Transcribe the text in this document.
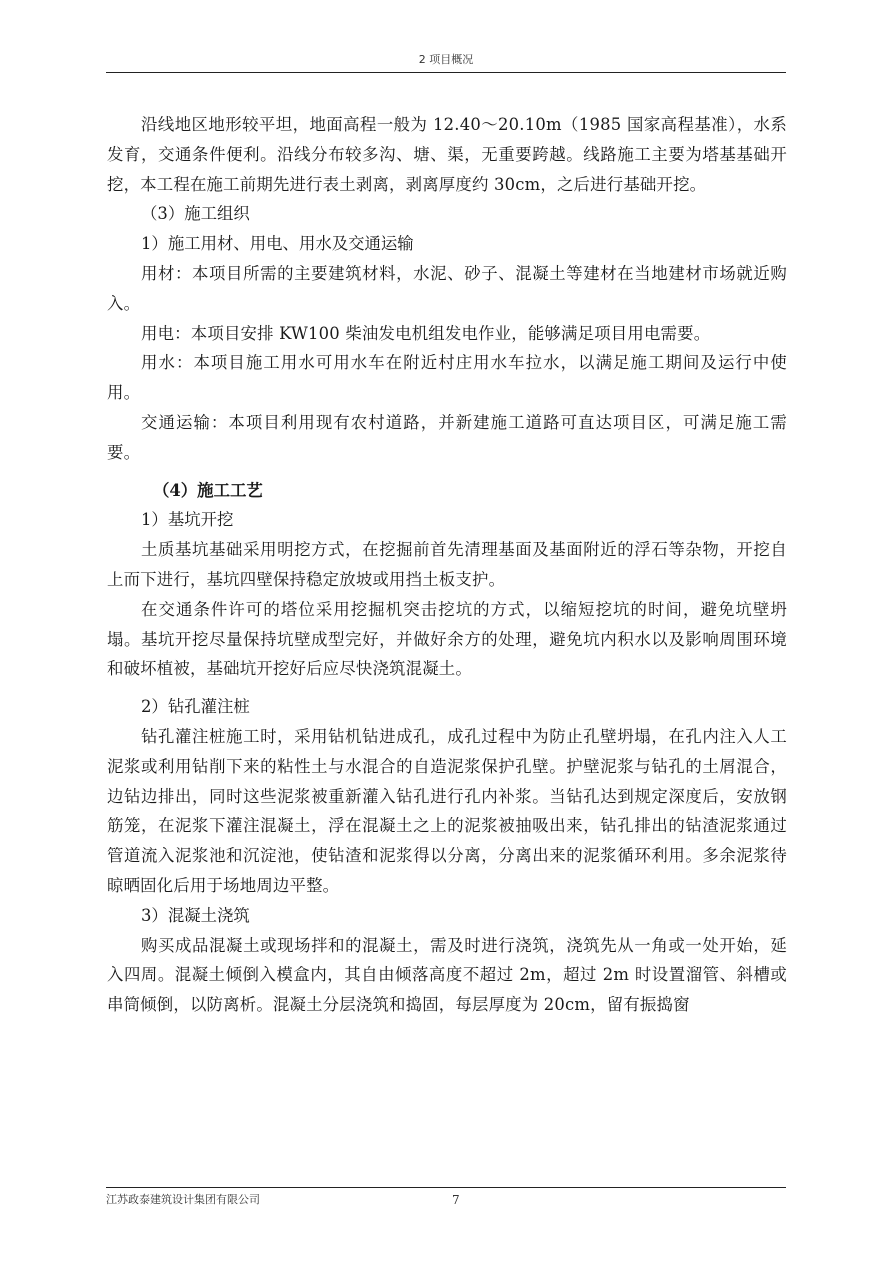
2 项目概况

沿线地区地形较平坦，地面高程一般为 12.40～20.10m（1985 国家高程基准），水系发育，交通条件便利。沿线分布较多沟、塘、渠，无重要跨越。线路施工主要为塔基基础开挖，本工程在施工前期先进行表土剥离，剥离厚度约 30cm，之后进行基础开挖。

（3）施工组织

1）施工用材、用电、用水及交通运输

用材：本项目所需的主要建筑材料，水泥、砂子、混凝土等建材在当地建材市场就近购入。

用电：本项目安排 KW100 柴油发电机组发电作业，能够满足项目用电需要。

用水：本项目施工用水可用水车在附近村庄用水车拉水，以满足施工期间及运行中使用。

交通运输：本项目利用现有农村道路，并新建施工道路可直达项目区，可满足施工需要。

（4）施工工艺

1）基坑开挖

土质基坑基础采用明挖方式，在挖掘前首先清理基面及基面附近的浮石等杂物，开挖自上而下进行，基坑四壁保持稳定放坡或用挡土板支护。

在交通条件许可的塔位采用挖掘机突击挖坑的方式，以缩短挖坑的时间，避免坑壁坍塌。基坑开挖尽量保持坑壁成型完好，并做好余方的处理，避免坑内积水以及影响周围环境和破坏植被，基础坑开挖好后应尽快浇筑混凝土。

2）钻孔灌注桩

钻孔灌注桩施工时，采用钻机钻进成孔，成孔过程中为防止孔壁坍塌，在孔内注入人工泥浆或利用钻削下来的粘性土与水混合的自造泥浆保护孔壁。护壁泥浆与钻孔的土屑混合，边钻边排出，同时这些泥浆被重新灌入钻孔进行孔内补浆。当钻孔达到规定深度后，安放钢筋笼，在泥浆下灌注混凝土，浮在混凝土之上的泥浆被抽吸出来，钻孔排出的钻渣泥浆通过管道流入泥浆池和沉淀池，使钻渣和泥浆得以分离，分离出来的泥浆循环利用。多余泥浆待晾晒固化后用于场地周边平整。

3）混凝土浇筑

购买成品混凝土或现场拌和的混凝土，需及时进行浇筑，浇筑先从一角或一处开始，延入四周。混凝土倾倒入模盒内，其自由倾落高度不超过 2m，超过 2m 时设置溜管、斜槽或串筒倾倒，以防离析。混凝土分层浇筑和捣固，每层厚度为 20cm，留有振捣窗

江苏政泰建筑设计集团有限公司	7
